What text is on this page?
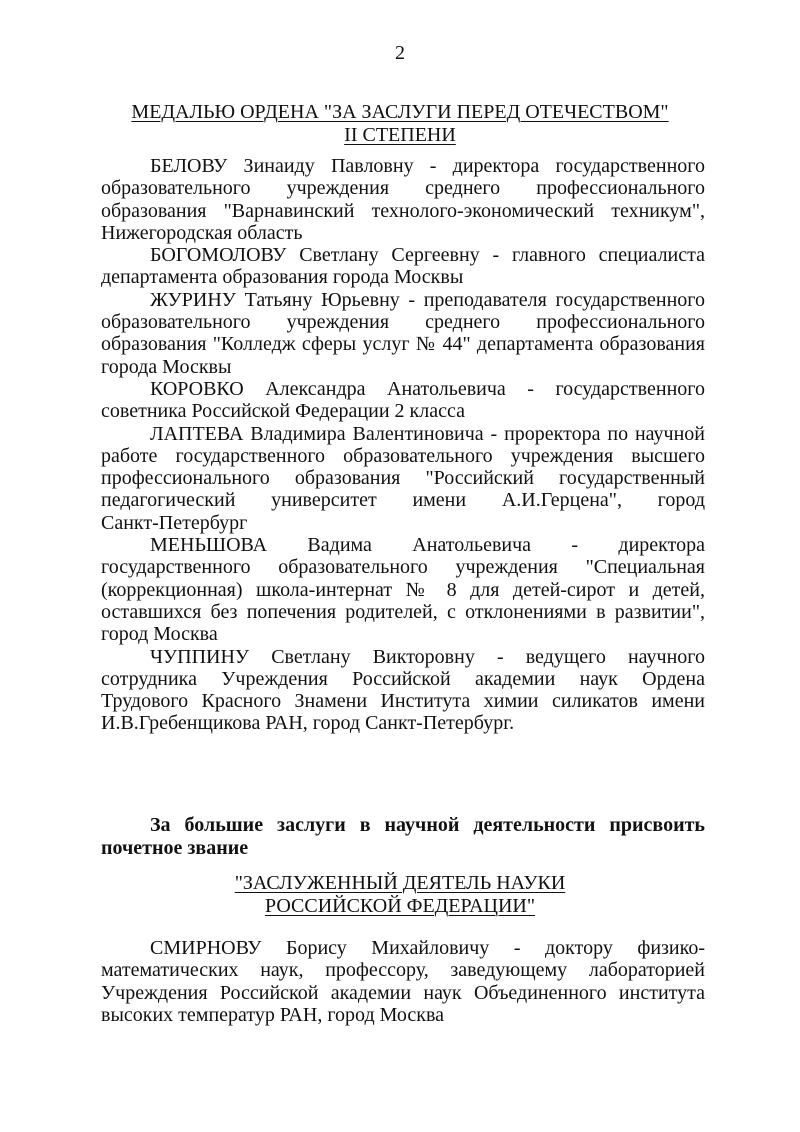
2
МЕДАЛЬЮ ОРДЕНА "ЗА ЗАСЛУГИ ПЕРЕД ОТЕЧЕСТВОМ"
II СТЕПЕНИ

БЕЛОВУ Зинаиду Павловну - директора государственного
образовательного учреждения среднего профессионального
образования "Варнавинский технолого-экономический техникум",
Нижегородская область

БОГОМОЛОВУ Светлану Сергеевну - главного специалиста
департамента образования города Москвы

ЖУРИНУ Татьяну Юрьевну - преподавателя государственного
образовательного учреждения среднего профессионального
образования "Колледж сферы услуг № 44" департамента образования
города Москвы

КОРОВКО Александра Анатольевича - государственного
советника Российской Федерации 2 класса

ЛАПТЕВА Владимира Валентиновича - проректора по научной
работе государственного образовательного учреждения высшего
профессионального образования "Российский государственный
педагогический университет имени А.И.Герцена", город
Санкт-Петербург

МЕНЬШОВА Вадима Анатольевича - директора
государственного образовательного учреждения "Специальная
(коррекционная) школа-интернат № 8 для детей-сирот и детей,
оставшихся без попечения родителей, с отклонениями в развитии",
город Москва

ЧУППИНУ Светлану Викторовну - ведущего научного
сотрудника Учреждения Российской академии наук Ордена
Трудового Красного Знамени Института химии силикатов имени
И.В.Гребенщикова РАН, город Санкт-Петербург.

За большие заслуги в научной деятельности присвоить
почетное звание
"ЗАСЛУЖЕННЫЙ ДЕЯТЕЛЬ НАУКИ
РОССИЙСКОЙ ФЕДЕРАЦИИ"

СМИРНОВУ Борису Михайловичу - доктору физико-
математических наук, профессору, заведующему лабораторией
Учреждения Российской академии наук Объединенного института
высоких температур РАН, город Москва
